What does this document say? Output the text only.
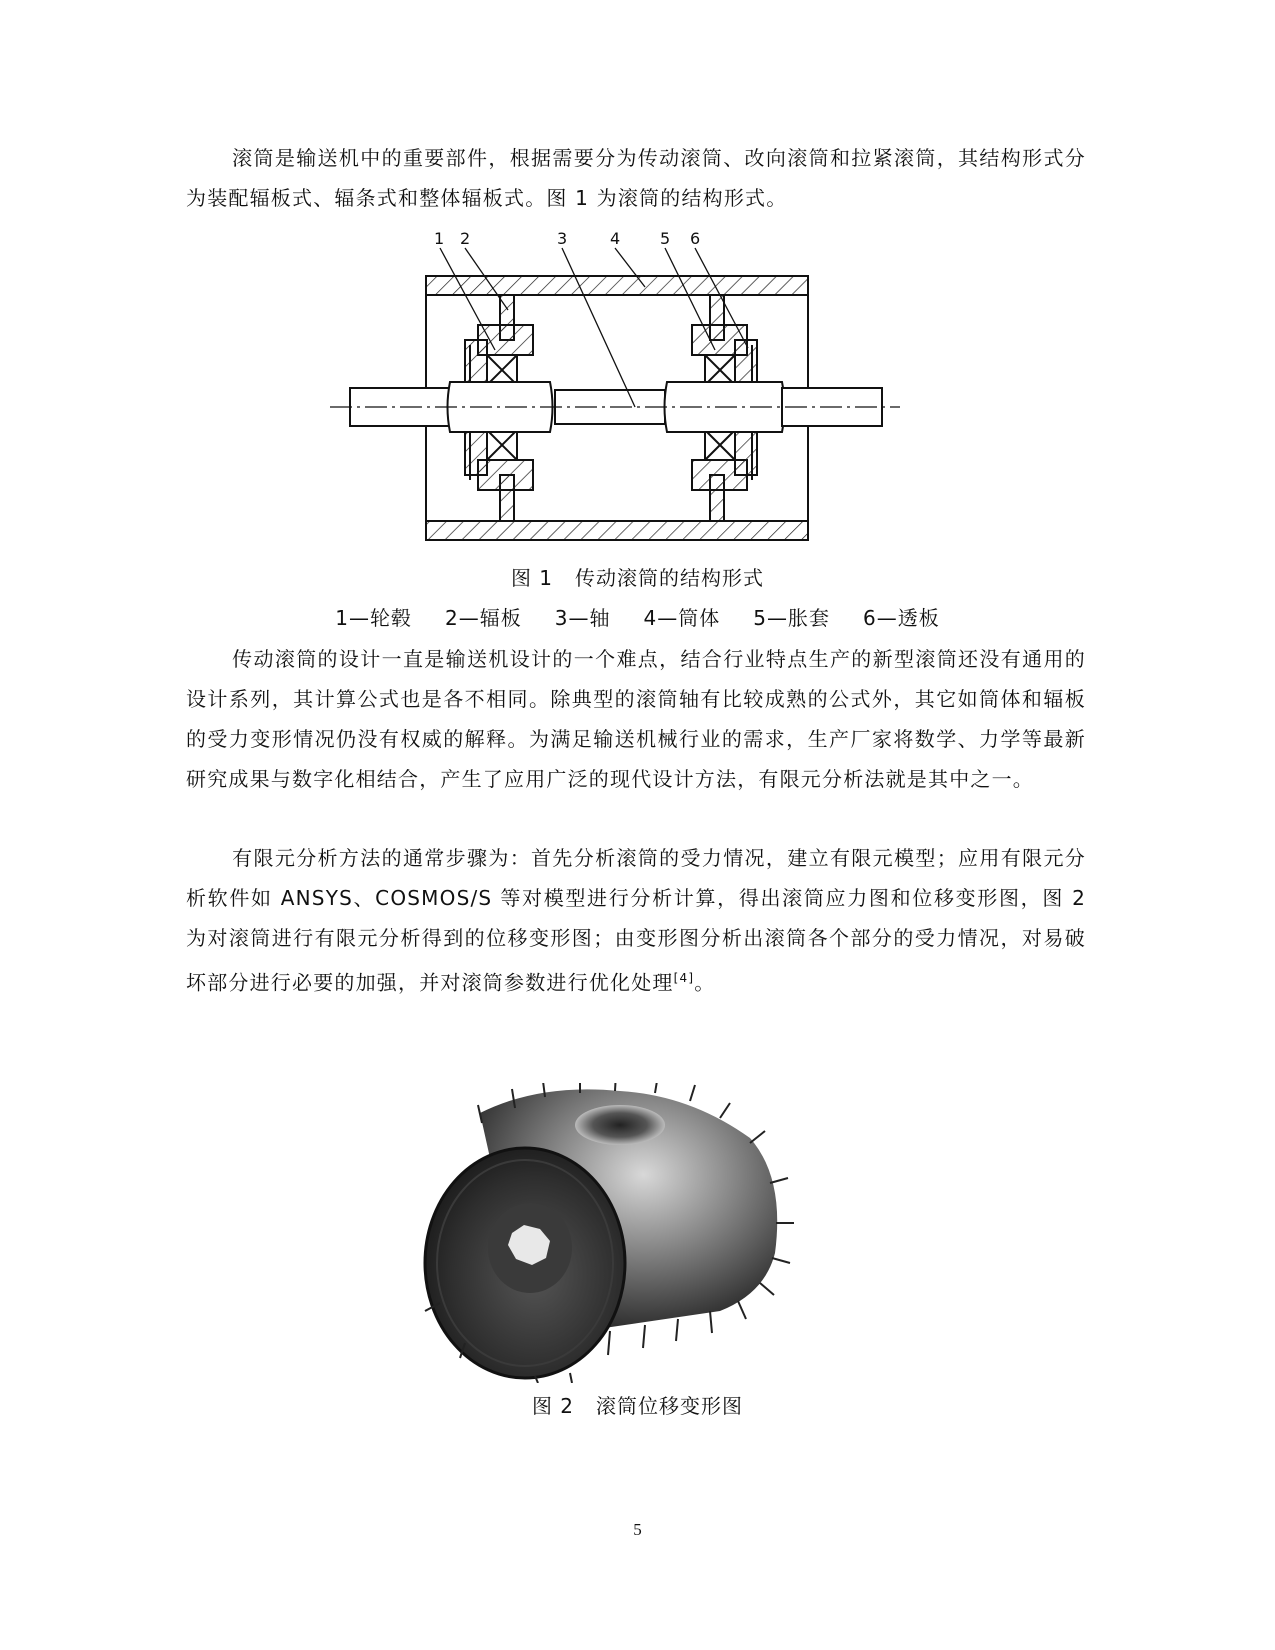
滚筒是输送机中的重要部件，根据需要分为传动滚筒、改向滚筒和拉紧滚筒，其结构形式分为装配辐板式、辐条式和整体辐板式。图 1 为滚筒的结构形式。

1 2	3	4 5 6

图 1 传动滚筒的结构形式

1—轮毂 2—辐板 3—轴 4—筒体 5—胀套 6—透板

传动滚筒的设计一直是输送机设计的一个难点，结合行业特点生产的新型滚筒还没有通用的设计系列，其计算公式也是各不相同。除典型的滚筒轴有比较成熟的公式外，其它如筒体和辐板的受力变形情况仍没有权威的解释。为满足输送机械行业的需求，生产厂家将数学、力学等最新研究成果与数字化相结合，产生了应用广泛的现代设计方法，有限元分析法就是其中之一。

有限元分析方法的通常步骤为：首先分析滚筒的受力情况，建立有限元模型；应用有限元分析软件如 ANSYS、COSMOS/S 等对模型进行分析计算，得出滚筒应力图和位移变形图，图 2 为对滚筒进行有限元分析得到的位移变形图；由变形图分析出滚筒各个部分的受力情况，对易破坏部分进行必要的加强，并对滚筒参数进行优化处理[4]。

图 2 滚筒位移变形图

5
